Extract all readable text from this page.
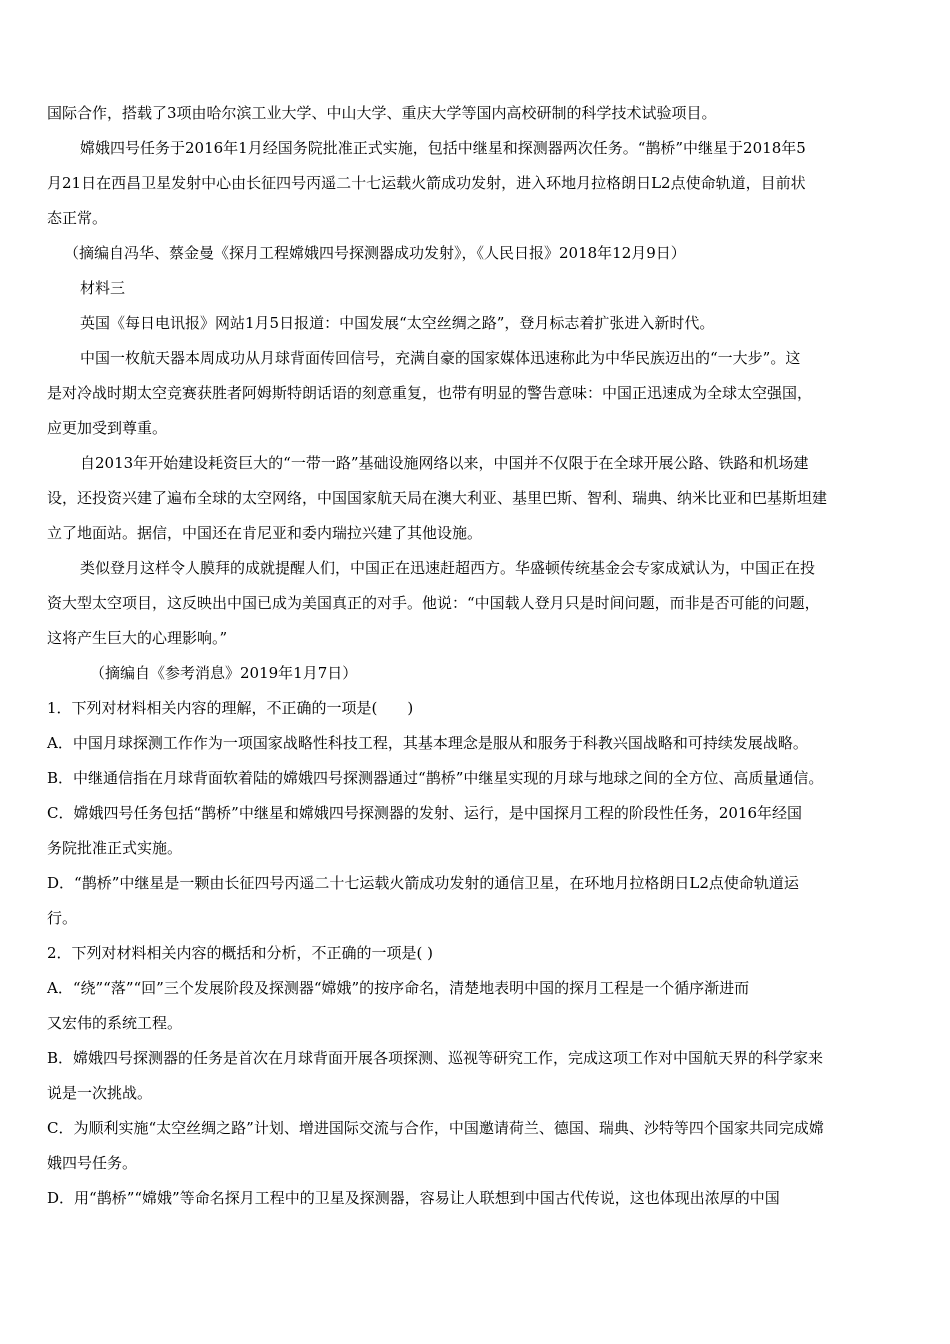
国际合作，搭载了3项由哈尔滨工业大学、中山大学、重庆大学等国内高校研制的科学技术试验项目。
嫦娥四号任务于2016年1月经国务院批准正式实施，包括中继星和探测器两次任务。“鹊桥”中继星于2018年5
月21日在西昌卫星发射中心由长征四号丙遥二十七运载火箭成功发射，进入环地月拉格朗日L2点使命轨道，目前状
态正常。
（摘编自冯华、蔡金曼《探月工程嫦娥四号探测器成功发射》，《人民日报》2018年12月9日）
材料三
英国《每日电讯报》网站1月5日报道：中国发展“太空丝绸之路”，登月标志着扩张进入新时代。
中国一枚航天器本周成功从月球背面传回信号，充满自豪的国家媒体迅速称此为中华民族迈出的“一大步”。这
是对冷战时期太空竞赛获胜者阿姆斯特朗话语的刻意重复，也带有明显的警告意味：中国正迅速成为全球太空强国，
应更加受到尊重。
自2013年开始建设耗资巨大的“一带一路”基础设施网络以来，中国并不仅限于在全球开展公路、铁路和机场建
设，还投资兴建了遍布全球的太空网络，中国国家航天局在澳大利亚、基里巴斯、智利、瑞典、纳米比亚和巴基斯坦建
立了地面站。据信，中国还在肯尼亚和委内瑞拉兴建了其他设施。
类似登月这样令人膜拜的成就提醒人们，中国正在迅速赶超西方。华盛顿传统基金会专家成斌认为，中国正在投
资大型太空项目，这反映出中国已成为美国真正的对手。他说：“中国载人登月只是时间问题，而非是否可能的问题，
这将产生巨大的心理影响。”
（摘编自《参考消息》2019年1月7日）
1．下列对材料相关内容的理解，不正确的一项是(　　)
A．中国月球探测工作作为一项国家战略性科技工程，其基本理念是服从和服务于科教兴国战略和可持续发展战略。
B．中继通信指在月球背面软着陆的嫦娥四号探测器通过“鹊桥”中继星实现的月球与地球之间的全方位、高质量通信。
C．嫦娥四号任务包括“鹊桥”中继星和嫦娥四号探测器的发射、运行，是中国探月工程的阶段性任务，2016年经国
务院批准正式实施。
D．“鹊桥”中继星是一颗由长征四号丙遥二十七运载火箭成功发射的通信卫星，在环地月拉格朗日L2点使命轨道运
行。
2．下列对材料相关内容的概括和分析，不正确的一项是( )
A．“绕”“落”“回”三个发展阶段及探测器“嫦娥”的按序命名，清楚地表明中国的探月工程是一个循序渐进而
又宏伟的系统工程。
B．嫦娥四号探测器的任务是首次在月球背面开展各项探测、巡视等研究工作，完成这项工作对中国航天界的科学家来
说是一次挑战。
C．为顺利实施“太空丝绸之路”计划、增进国际交流与合作，中国邀请荷兰、德国、瑞典、沙特等四个国家共同完成嫦
娥四号任务。
D．用“鹊桥”“嫦娥”等命名探月工程中的卫星及探测器，容易让人联想到中国古代传说，这也体现出浓厚的中国
